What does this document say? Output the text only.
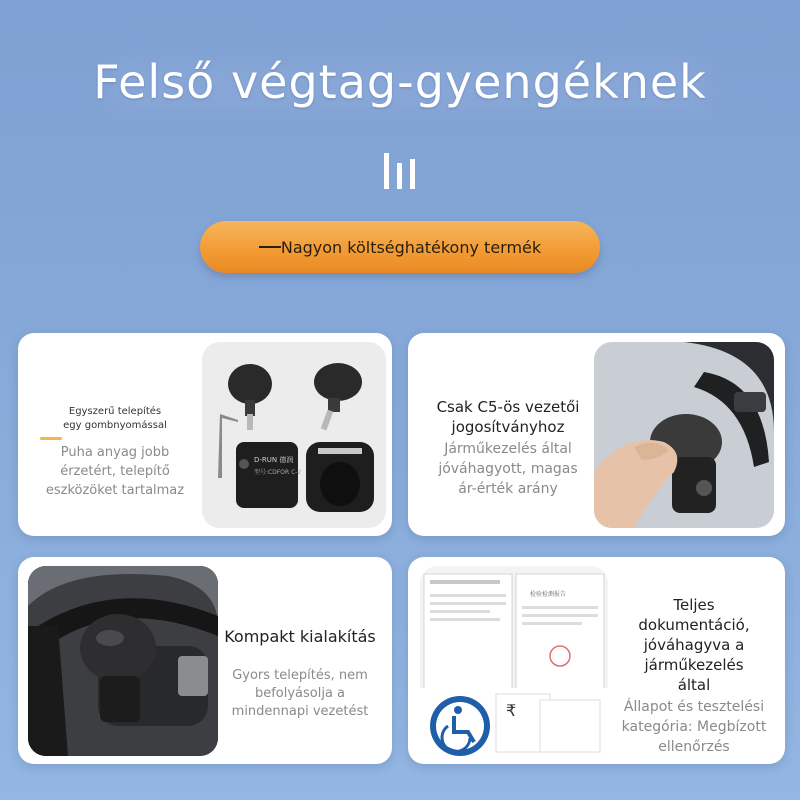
Felső végtag-gyengéknek
Nagyon költséghatékony termék
Egyszerű telepítés
egy gombnyomással
Puha anyag jobb
érzetért, telepítő
eszközöket tartalmaz
D-RUN 德润
型号:CDFOR C-2
Csak C5-ös vezetői
jogosítványhoz
Járműkezelés által
jóváhagyott, magas
ár-érték arány
Kompakt kialakítás
Gyors telepítés, nem
befolyásolja a
mindennapi vezetést
检验检测报告
₹
Teljes
dokumentáció,
jóváhagyva a
járműkezelés
által
Állapot és tesztelési
kategória: Megbízott
ellenőrzés
